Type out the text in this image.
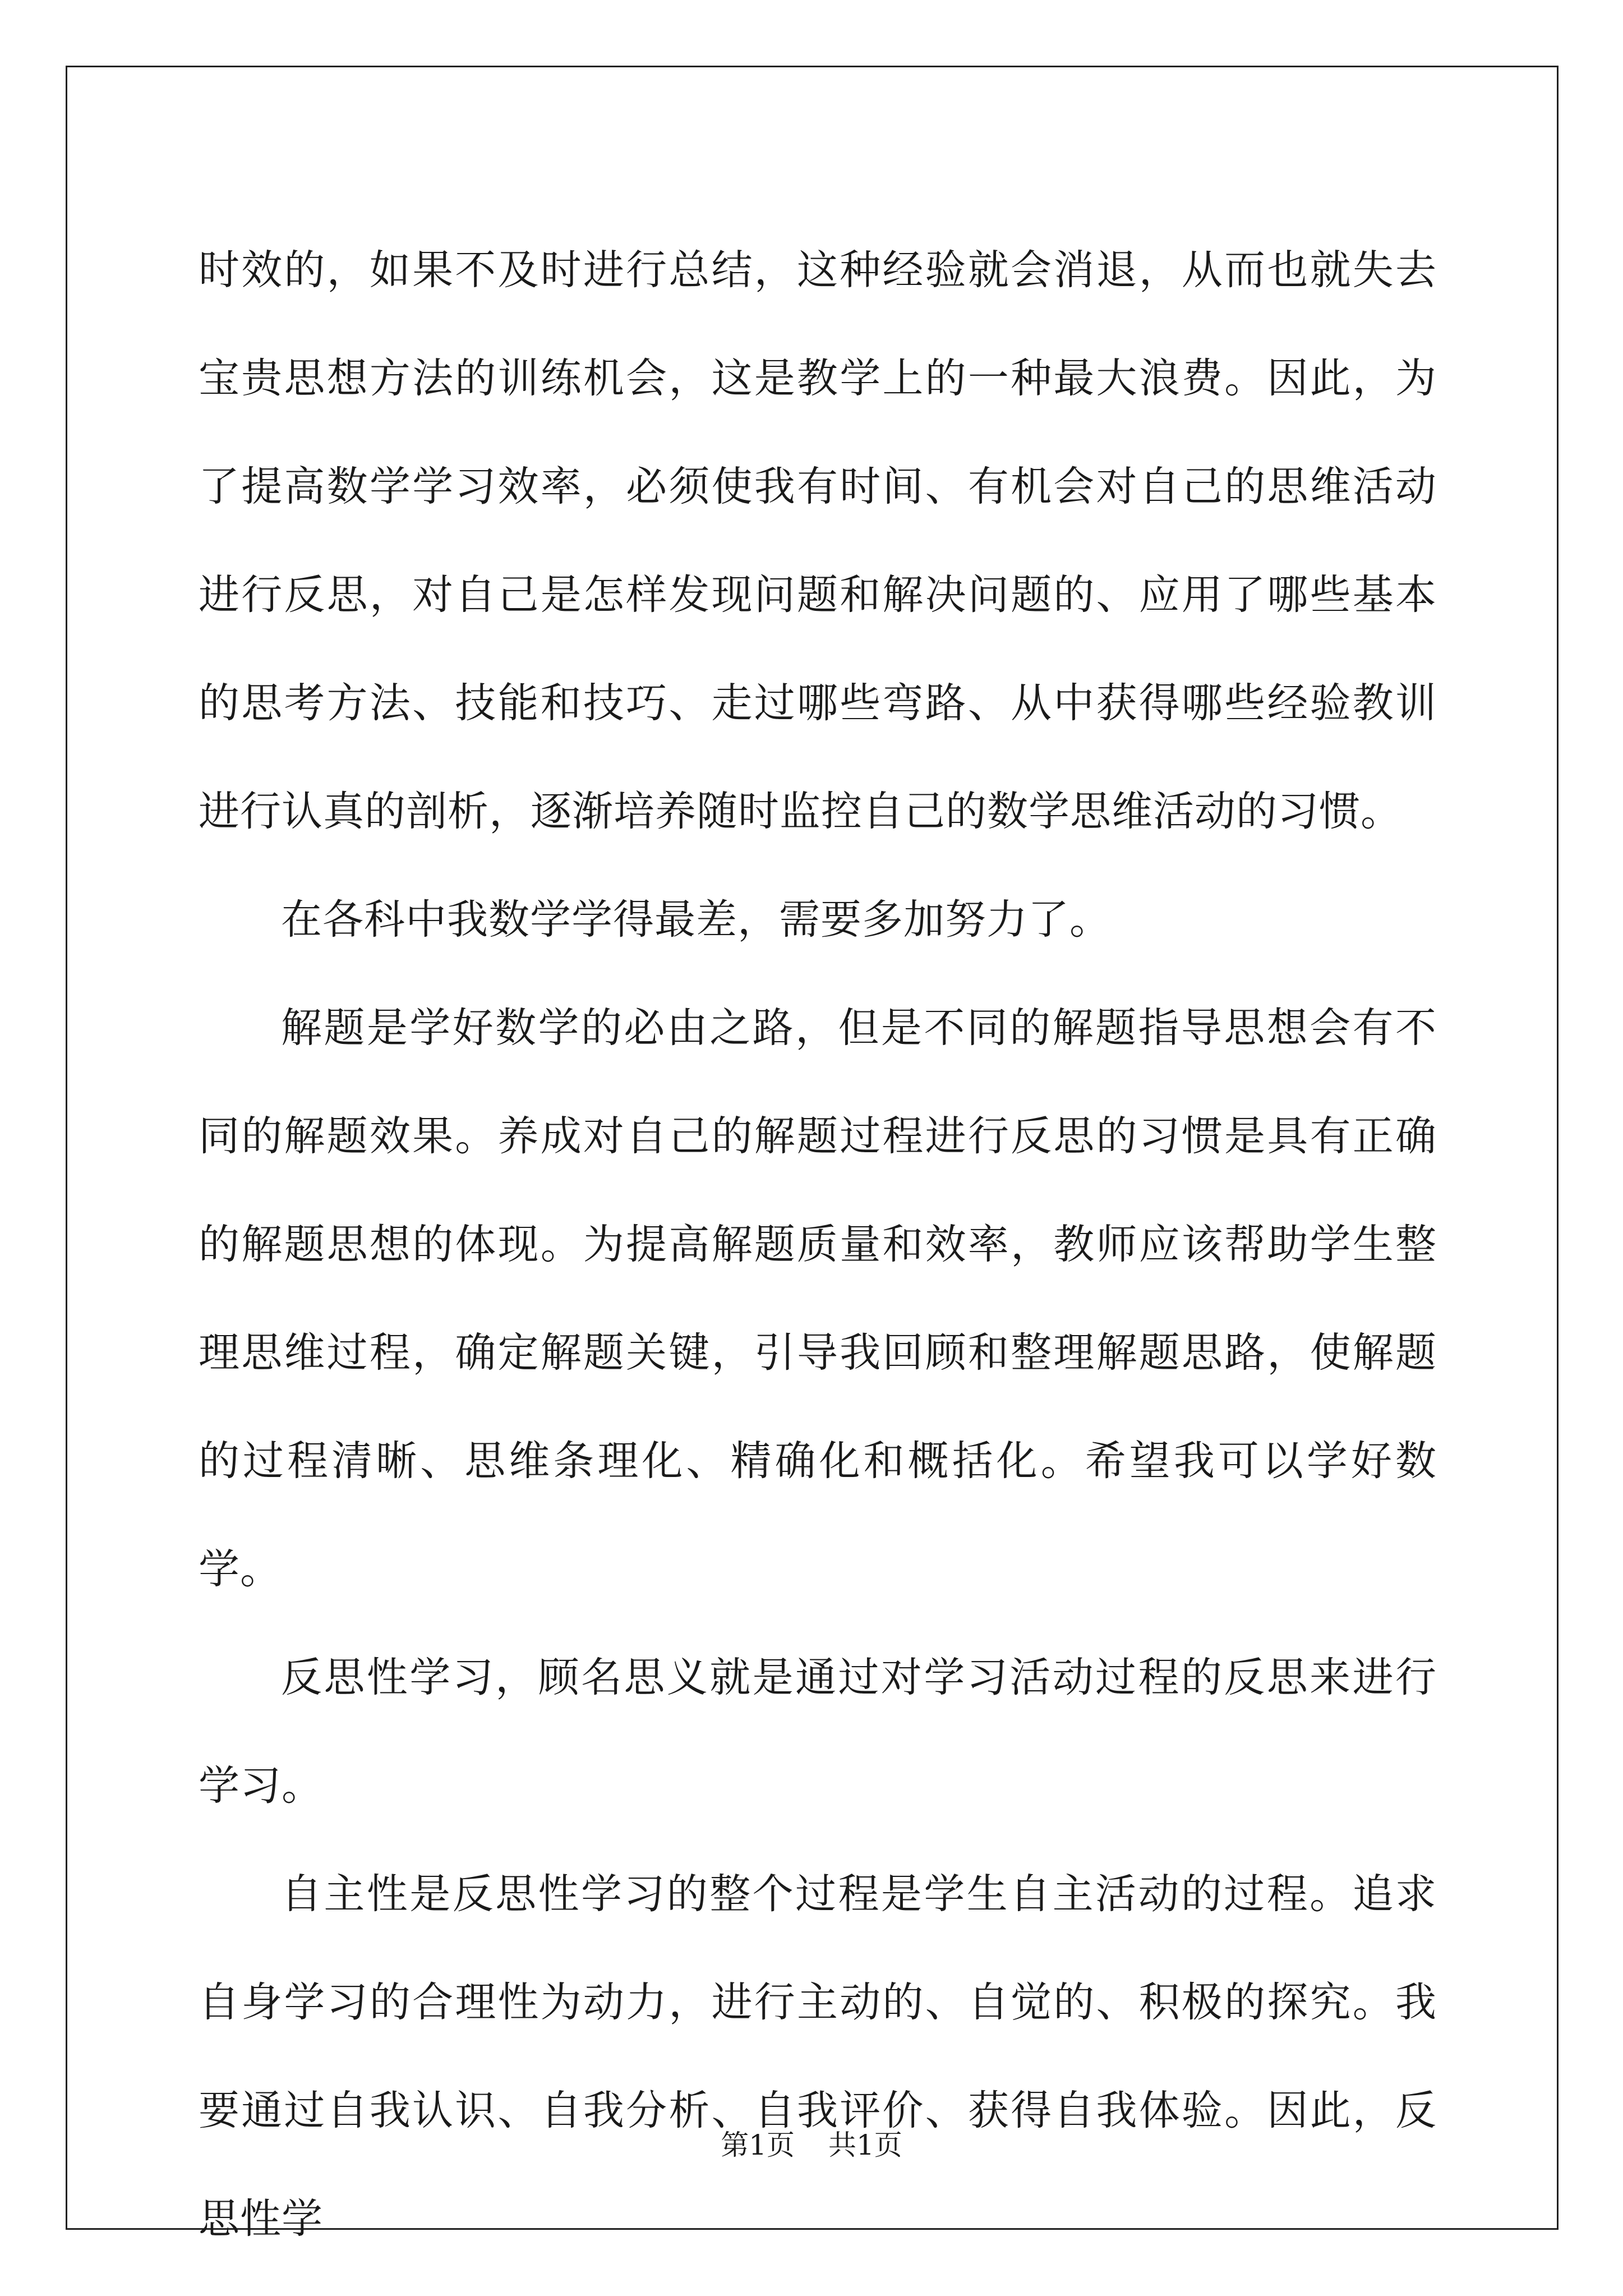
时效的，如果不及时进行总结，这种经验就会消退，从而也就失去宝贵思想方法的训练机会，这是教学上的一种最大浪费。因此，为了提高数学学习效率，必须使我有时间、有机会对自己的思维活动进行反思，对自己是怎样发现问题和解决问题的、应用了哪些基本的思考方法、技能和技巧、走过哪些弯路、从中获得哪些经验教训进行认真的剖析，逐渐培养随时监控自己的数学思维活动的习惯。

在各科中我数学学得最差，需要多加努力了。

解题是学好数学的必由之路，但是不同的解题指导思想会有不同的解题效果。养成对自己的解题过程进行反思的习惯是具有正确的解题思想的体现。为提高解题质量和效率，教师应该帮助学生整理思维过程，确定解题关键，引导我回顾和整理解题思路，使解题的过程清晰、思维条理化、精确化和概括化。希望我可以学好数学。

反思性学习，顾名思义就是通过对学习活动过程的反思来进行学习。

自主性是反思性学习的整个过程是学生自主活动的过程。追求自身学习的合理性为动力，进行主动的、自觉的、积极的探究。我要通过自我认识、自我分析、自我评价、获得自我体验。因此，反思性学

第1页 共1页
